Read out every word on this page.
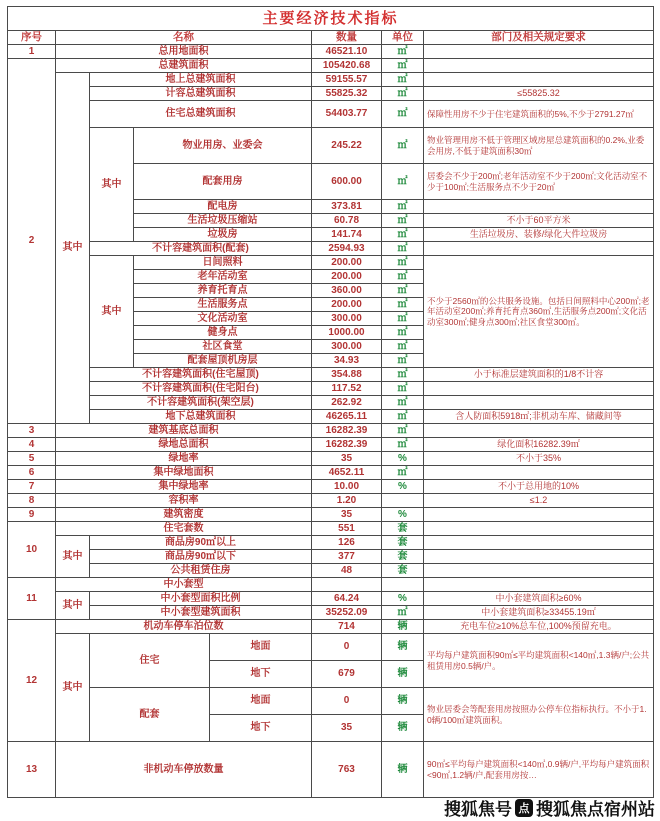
主要经济技术指标							
序号	名称				数量	单位	部门及相关规定要求
1	总用地面积				46521.10	㎡	
2	总建筑面积				105420.68	㎡	
	其中	地上总建筑面积			59155.57	㎡	
		计容总建筑面积			55825.32	㎡	≤55825.32
		住宅总建筑面积			54403.77	㎡	保障性用房不少于住宅建筑面积的5%,不少于2791.27㎡
		其中	物业用房、业委会		245.22	㎡	物业管理用房不低于管理区域房屋总建筑面积的0.2%,业委会用房,不低于建筑面积30㎡
			配套用房		600.00	㎡	居委会不少于200㎡;老年活动室不少于200㎡;文化活动室不少于100㎡;生活服务点不少于20㎡
			配电房		373.81	㎡	
			生活垃圾压缩站		60.78	㎡	不小于60平方米
			垃圾房		141.74	㎡	生活垃圾房、装修/绿化大件垃圾房
		不计容建筑面积(配套)			2594.93	㎡	
		其中	日间照料		200.00	㎡	不少于2560㎡的公共服务设施。包括日间照料中心200㎡;老年活动室200㎡;养育托育点360㎡,生活服务点200㎡;文化活动室300㎡;健身点300㎡;社区食堂300㎡。
			老年活动室		200.00	㎡	
			养育托育点		360.00	㎡	
			生活服务点		200.00	㎡	
			文化活动室		300.00	㎡	
			健身点		1000.00	㎡	
			社区食堂		300.00	㎡	
			配套屋顶机房层		34.93	㎡	
		不计容建筑面积(住宅屋顶)			354.88	㎡	小于标准层建筑面积的1/8不计容
		不计容建筑面积(住宅阳台)			117.52	㎡	
		不计容建筑面积(架空层)			262.92	㎡	
		地下总建筑面积			46265.11	㎡	含人防面积5918㎡;非机动车库、储藏间等
3	建筑基底总面积				16282.39	㎡	
4	绿地总面积				16282.39	㎡	绿化面积16282.39㎡
5	绿地率				35	%	不小于35%
6	集中绿地面积				4652.11	㎡	
7	集中绿地率				10.00	%	不小于总用地的10%
8	容积率				1.20		≤1.2
9	建筑密度				35	%	
10	住宅套数				551	套	
	其中	商品房90㎡以上			126	套	
		商品房90㎡以下			377	套	
		公共租赁住房			48	套	
11	中小套型						
	其中	中小套型面积比例			64.24	%	中小套建筑面积≥60%
		中小套型建筑面积			35252.09	㎡	中小套建筑面积≥33455.19㎡
12	机动车停车泊位数				714	辆	充电车位≥10%总车位,100%预留充电。
	其中	住宅		地面	0	辆	平均每户建筑面积90㎡≤平均建筑面积<140㎡,1.3辆/户;公共租赁用房0.5辆/户。
				地下	679	辆	
		配套		地面	0	辆	物业居委会等配套用房按照办公停车位指标执行。不小于1.0辆/100㎡建筑面积。
				地下	35	辆	
13	非机动车停放数量				763	辆	90㎡≤平均每户建筑面积<140㎡,0.9辆/户,平均每户建筑面积<90㎡,1.2辆/户,配套用房按…
搜狐焦号 点 搜狐焦点宿州站
